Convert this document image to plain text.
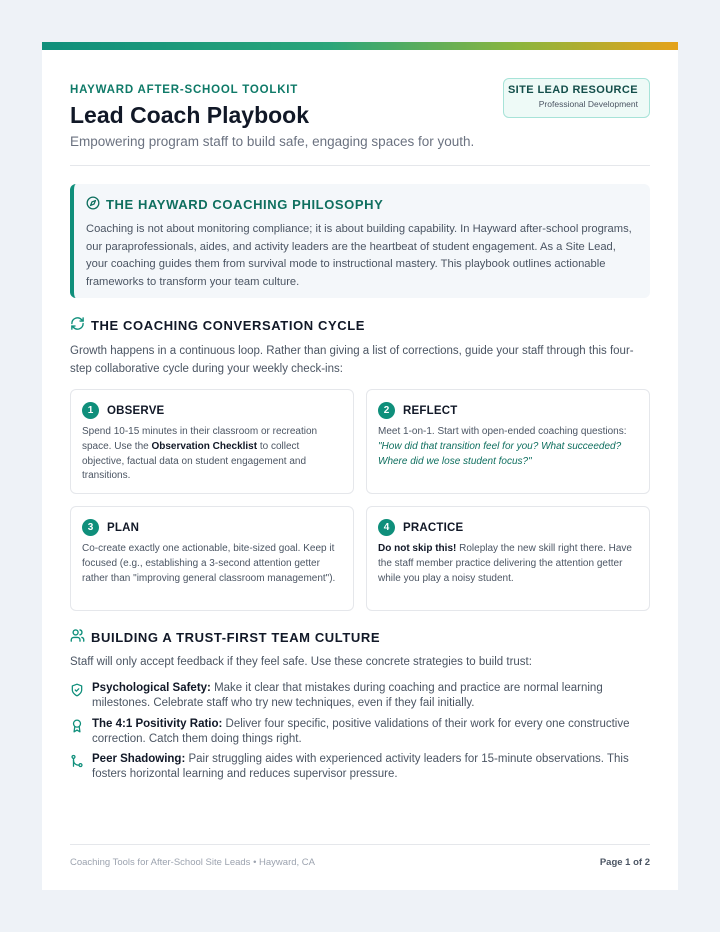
HAYWARD AFTER-SCHOOL TOOLKIT
Lead Coach Playbook
Empowering program staff to build safe, engaging spaces for youth.
SITE LEAD RESOURCE
Professional Development
THE HAYWARD COACHING PHILOSOPHY
Coaching is not about monitoring compliance; it is about building capability. In Hayward after-school programs, our paraprofessionals, aides, and activity leaders are the heartbeat of student engagement. As a Site Lead, your coaching guides them from survival mode to instructional mastery. This playbook outlines actionable frameworks to transform your team culture.
THE COACHING CONVERSATION CYCLE
Growth happens in a continuous loop. Rather than giving a list of corrections, guide your staff through this four-step collaborative cycle during your weekly check-ins:
1	OBSERVE
Spend 10-15 minutes in their classroom or recreation space. Use the Observation Checklist to collect objective, factual data on student engagement and transitions.
2	REFLECT
Meet 1-on-1. Start with open-ended coaching questions: "How did that transition feel for you? What succeeded? Where did we lose student focus?"
3	PLAN
Co-create exactly one actionable, bite-sized goal. Keep it focused (e.g., establishing a 3-second attention getter rather than "improving general classroom management").
4	PRACTICE
Do not skip this! Roleplay the new skill right there. Have the staff member practice delivering the attention getter while you play a noisy student.
BUILDING A TRUST-FIRST TEAM CULTURE
Staff will only accept feedback if they feel safe. Use these concrete strategies to build trust:
Psychological Safety: Make it clear that mistakes during coaching and practice are normal learning milestones. Celebrate staff who try new techniques, even if they fail initially.
The 4:1 Positivity Ratio: Deliver four specific, positive validations of their work for every one constructive correction. Catch them doing things right.
Peer Shadowing: Pair struggling aides with experienced activity leaders for 15-minute observations. This fosters horizontal learning and reduces supervisor pressure.
Coaching Tools for After-School Site Leads • Hayward, CA	Page 1 of 2
